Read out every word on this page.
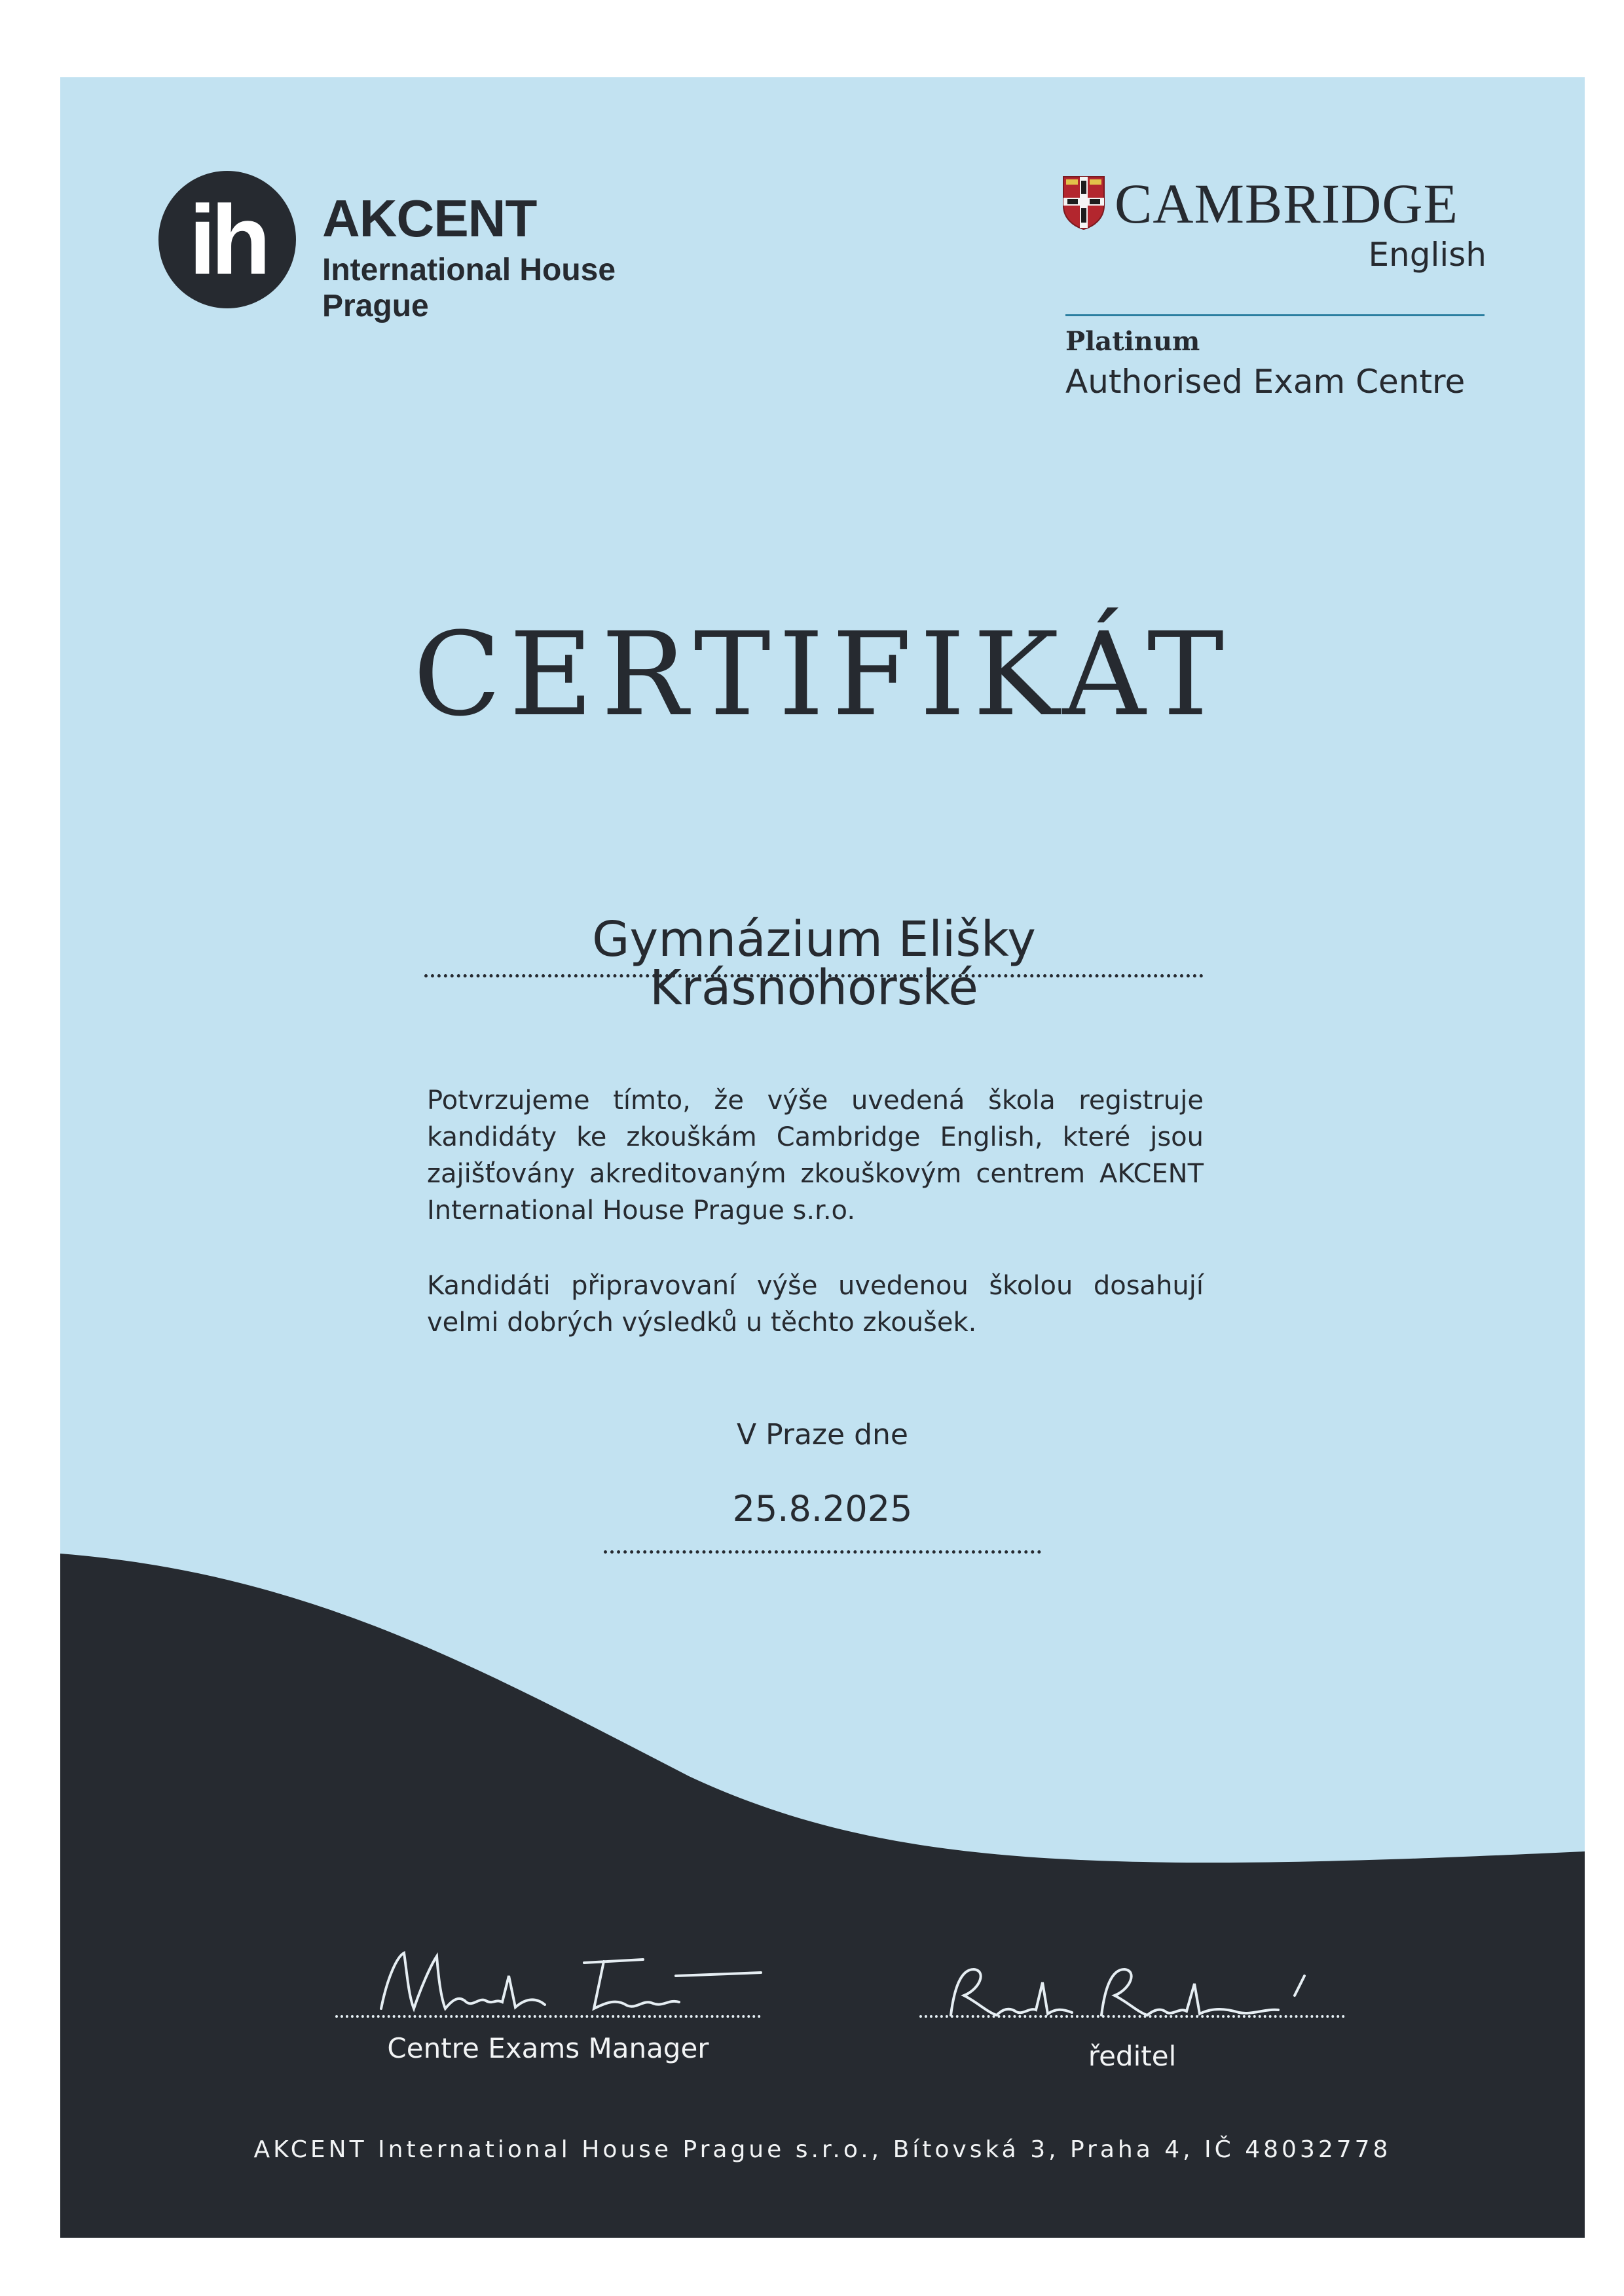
ih	AKCENT
International House
Prague
CAMBRIDGE
English
Platinum
Authorised Exam Centre
CERTIFIKÁT
Gymnázium Elišky Krásnohorské
Potvrzujeme tímto, že výše uvedená škola registruje kandidáty ke zkouškám Cambridge English, které jsou zajišťovány akreditovaným zkouškovým centrem AKCENT International House Prague s.r.o.
Kandidáti připravovaní výše uvedenou školou dosahují velmi dobrých výsledků u těchto zkoušek.
V Praze dne
25.8.2025
Centre Exams Manager	ředitel
AKCENT International House Prague s.r.o., Bítovská 3, Praha 4, IČ 48032778
